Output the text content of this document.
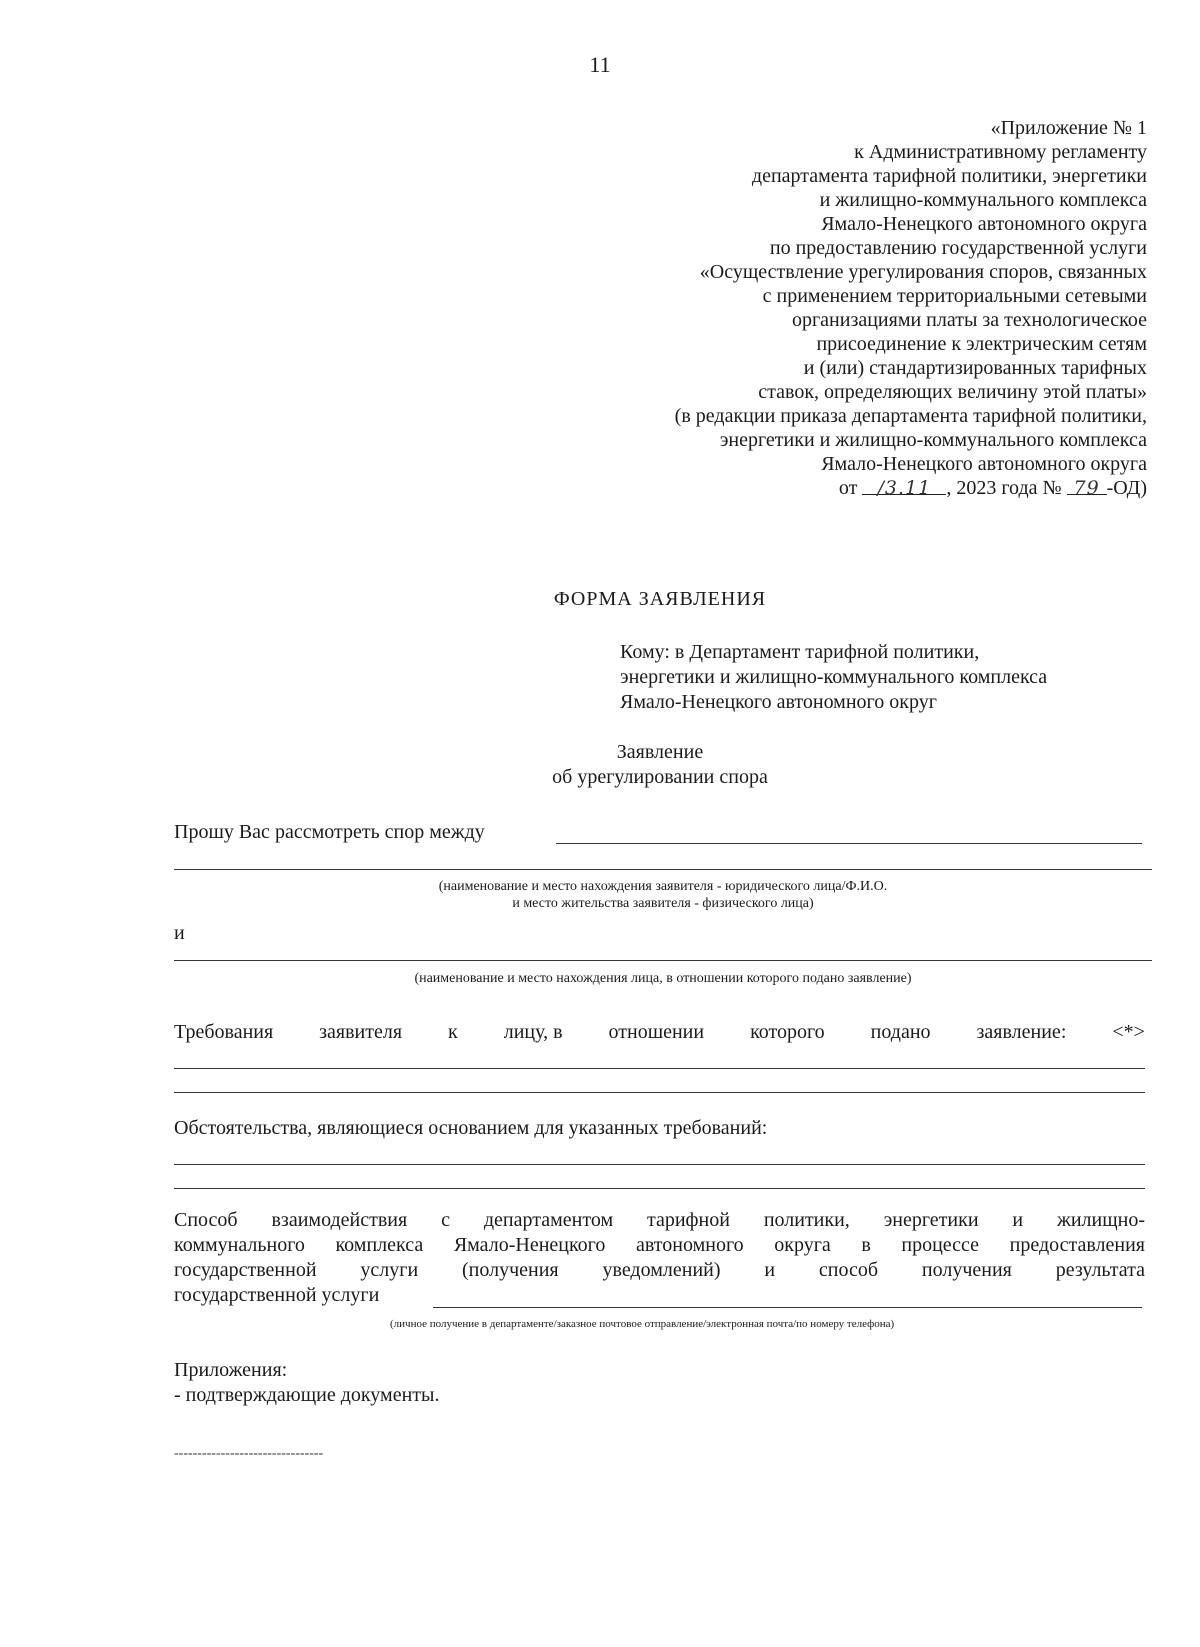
11
«Приложение № 1
к Административному регламенту
департамента тарифной политики, энергетики
и жилищно-коммунального комплекса
Ямало-Ненецкого автономного округа
по предоставлению государственной услуги
«Осуществление урегулирования споров, связанных
с применением территориальными сетевыми
организациями платы за технологическое
присоединение к электрическим сетям
и (или) стандартизированных тарифных
ставок, определяющих величину этой платы»
(в редакции приказа департамента тарифной политики,
энергетики и жилищно-коммунального комплекса
Ямало-Ненецкого автономного округа
от /3.11 , 2023 года № 79 -ОД)
ФОРМА ЗАЯВЛЕНИЯ
Кому: в Департамент тарифной политики,
энергетики и жилищно-коммунального комплекса
Ямало-Ненецкого автономного округ
Заявление
об урегулировании спора
Прошу Вас рассмотреть спор между
(наименование и место нахождения заявителя - юридического лица/Ф.И.О.
и место жительства заявителя - физического лица)
и
(наименование и место нахождения лица, в отношении которого подано заявление)
Требования заявителя к лицу, в отношении которого подано заявление: <*>
Обстоятельства, являющиеся основанием для указанных требований:
Способ взаимодействия с департаментом тарифной политики, энергетики и жилищно-
коммунального комплекса Ямало-Ненецкого автономного округа в процессе предоставления
государственной услуги (получения уведомлений) и способ получения результата
государственной услуги
(личное получение в департаменте/заказное почтовое отправление/электронная почта/по номеру телефона)
Приложения:
- подтверждающие документы.
--------------------------------
